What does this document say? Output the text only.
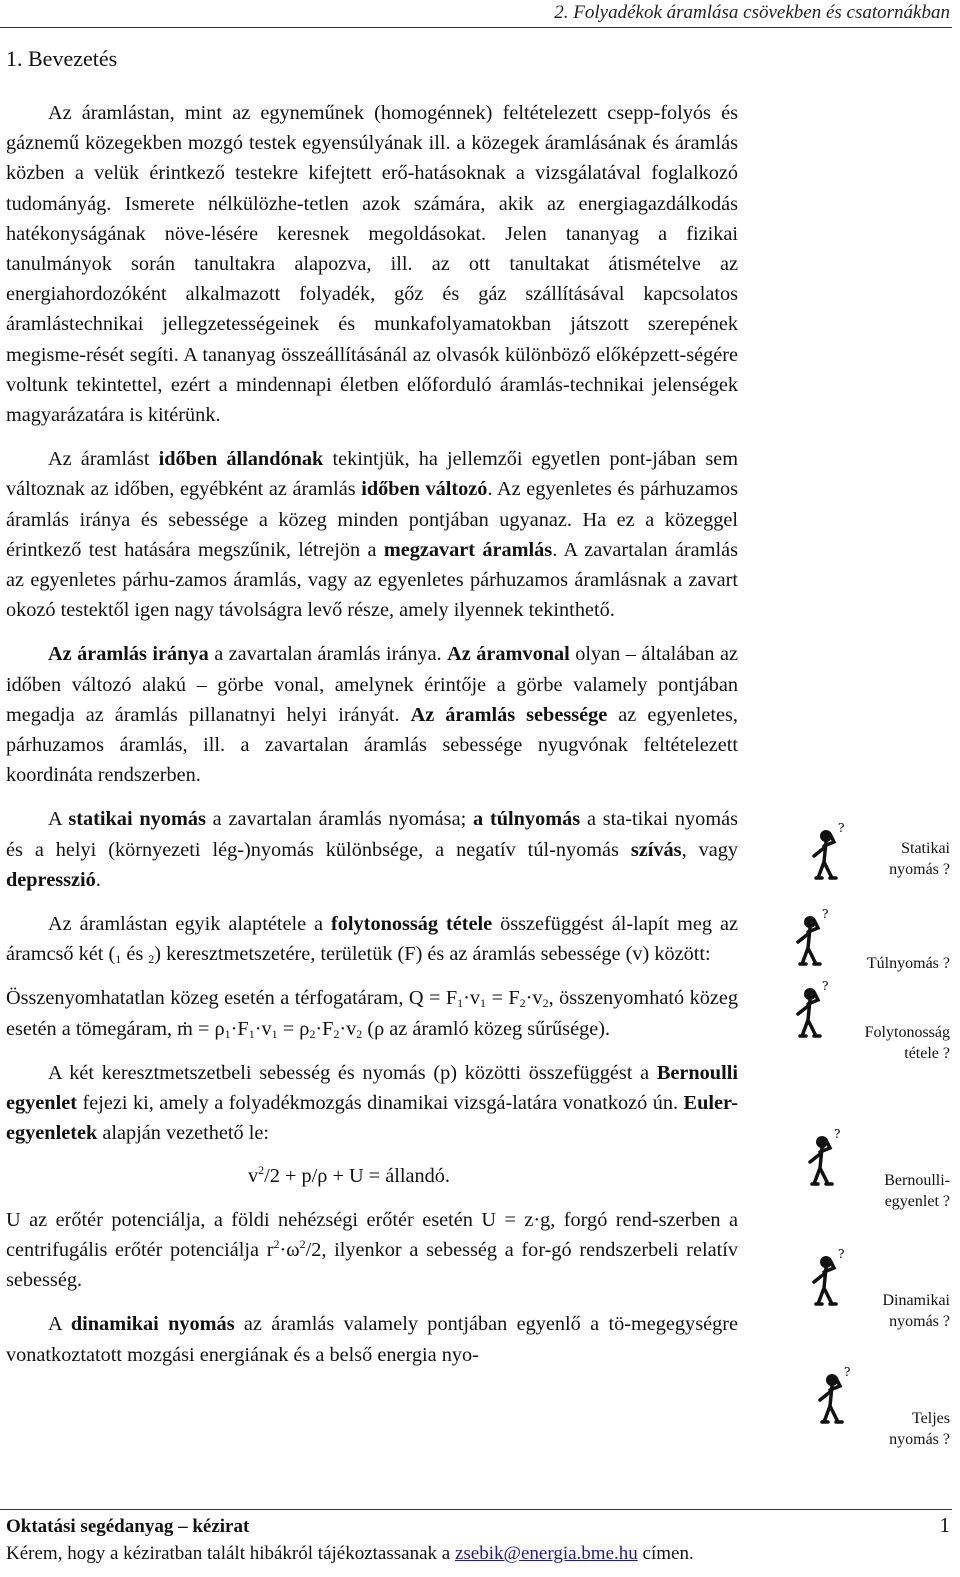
2. Folyadékok áramlása csövekben és csatornákban
1. Bevezetés

Az áramlástan, mint az egyneműnek (homogénnek) feltételezett csepp-folyós és gáznemű közegekben mozgó testek egyensúlyának ill. a közegek áramlásának és áramlás közben a velük érintkező testekre kifejtett erő-hatásoknak a vizsgálatával foglalkozó tudományág. Ismerete nélkülözhe-tetlen azok számára, akik az energiagazdálkodás hatékonyságának növe-lésére keresnek megoldásokat. Jelen tananyag a fizikai tanulmányok során tanultakra alapozva, ill. az ott tanultakat átismételve az energiahordozóként alkalmazott folyadék, gőz és gáz szállításával kapcsolatos áramlástechnikai jellegzetességeinek és munkafolyamatokban játszott szerepének megisme-rését segíti. A tananyag összeállításánál az olvasók különböző előképzett-ségére voltunk tekintettel, ezért a mindennapi életben előforduló áramlás-technikai jelenségek magyarázatára is kitérünk.

Az áramlást időben állandónak tekintjük, ha jellemzői egyetlen pont-jában sem változnak az időben, egyébként az áramlás időben változó. Az egyenletes és párhuzamos áramlás iránya és sebessége a közeg minden pontjában ugyanaz. Ha ez a közeggel érintkező test hatására megszűnik, létrejön a megzavart áramlás. A zavartalan áramlás az egyenletes párhu-zamos áramlás, vagy az egyenletes párhuzamos áramlásnak a zavart okozó testektől igen nagy távolságra levő része, amely ilyennek tekinthető.

Az áramlás iránya a zavartalan áramlás iránya. Az áramvonal olyan – általában az időben változó alakú – görbe vonal, amelynek érintője a görbe valamely pontjában megadja az áramlás pillanatnyi helyi irányát. Az áramlás sebessége az egyenletes, párhuzamos áramlás, ill. a zavartalan áramlás sebessége nyugvónak feltételezett koordináta rendszerben.

A statikai nyomás a zavartalan áramlás nyomása; a túlnyomás a sta-tikai nyomás és a helyi (környezeti lég-)nyomás különbsége, a negatív túl-nyomás szívás, vagy depresszió.

Az áramlástan egyik alaptétele a folytonosság tétele összefüggést ál-lapít meg az áramcső két ($_1$ és $_2$) keresztmetszetére, területük (F) és az áramlás sebessége (v) között:

Összenyomhatatlan közeg esetén a térfogatáram, $Q = F_1\cdot v_1 = F_2\cdot v_2$, összenyomható közeg esetén a tömegáram, ṁ = $\rho_1\cdot F_1\cdot v_1 = \rho_2\cdot F_2\cdot v_2$ (ρ az áramló közeg sűrűsége).

A két keresztmetszetbeli sebesség és nyomás (p) közötti összefüggést a Bernoulli egyenlet fejezi ki, amely a folyadékmozgás dinamikai vizsgá-latára vonatkozó ún. Euler-egyenletek alapján vezethető le:

$v^2/2 + p/\rho + U$ = állandó.

U az erőtér potenciálja, a földi nehézségi erőtér esetén U = z·g, forgó rend-szerben a centrifugális erőtér potenciálja $r^2\cdot\omega^2/2$, ilyenkor a sebesség a for-gó rendszerbeli relatív sebesség.

A dinamikai nyomás az áramlás valamely pontjában egyenlő a tö-megegységre vonatkoztatott mozgási energiának és a belső energia nyo-

?
Statikai
nyomás ?
?
Túlnyomás ?
?
Folytonosság
tétele ?
?
Bernoulli-
egyenlet ?
?
Dinamikai
nyomás ?
?
Teljes
nyomás ?
Oktatási segédanyag – kézirat	1
Kérem, hogy a kéziratban talált hibákról tájékoztassanak a zsebik@energia.bme.hu címen.
